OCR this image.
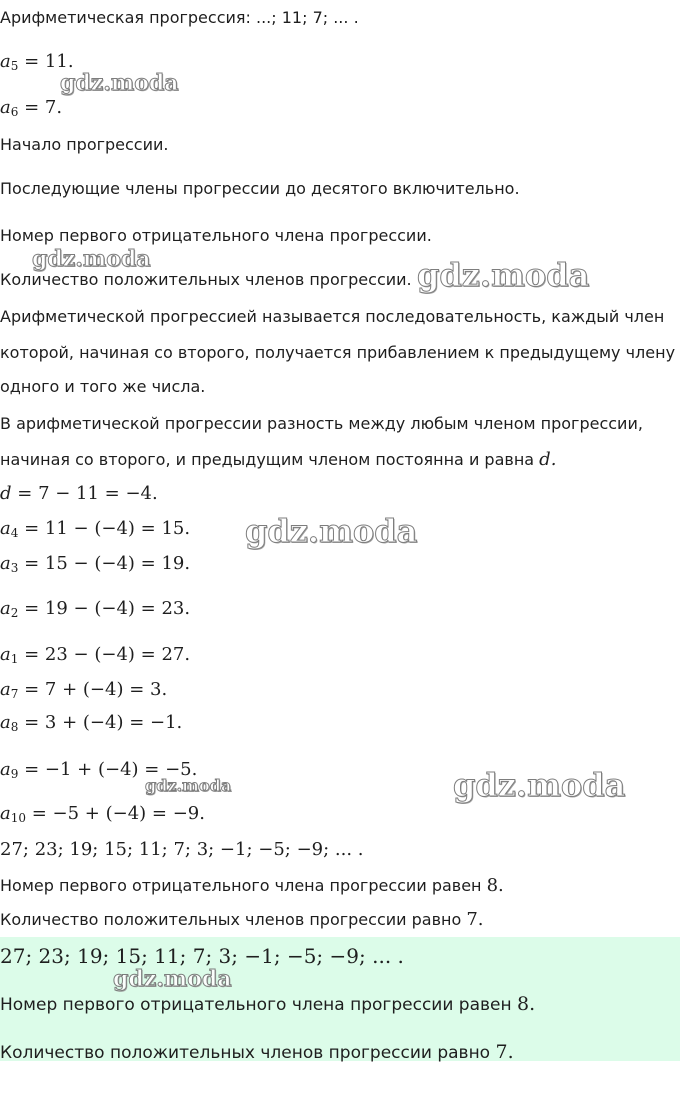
Арифметическая прогрессия: ...; 11; 7; ... .
$a_5 = 11$.
$a_6 = 7$.
Начало прогрессии.
Последующие члены прогрессии до десятого включительно.
Номер первого отрицательного члена прогрессии.
Количество положительных членов прогрессии.
Арифметической прогрессией называется последовательность, каждый член
которой, начиная со второго, получается прибавлением к предыдущему члену
одного и того же числа.
В арифметической прогрессии разность между любым членом прогрессии,
начиная со второго, и предыдущим членом постоянна и равна d.
d = 7 − 11 = −4.
$a_4 = 11 - (-4) = 15$.
$a_3 = 15 - (-4) = 19$.
$a_2 = 19 - (-4) = 23$.
$a_1 = 23 - (-4) = 27$.
$a_7 = 7 + (-4) = 3$.
$a_8 = 3 + (-4) = -1$.
$a_9 = -1 + (-4) = -5$.
$a_{10} = -5 + (-4) = -9$.
27; 23; 19; 15; 11; 7; 3; −1; −5; −9; ... .
Номер первого отрицательного члена прогрессии равен 8.
Количество положительных членов прогрессии равно 7.
27; 23; 19; 15; 11; 7; 3; −1; −5; −9; ... .
Номер первого отрицательного члена прогрессии равен 8.
Количество положительных членов прогрессии равно 7.
gdz.moda
gdz.moda	gdz.moda
gdz.moda
gdz.moda	gdz.moda
gdz.moda
